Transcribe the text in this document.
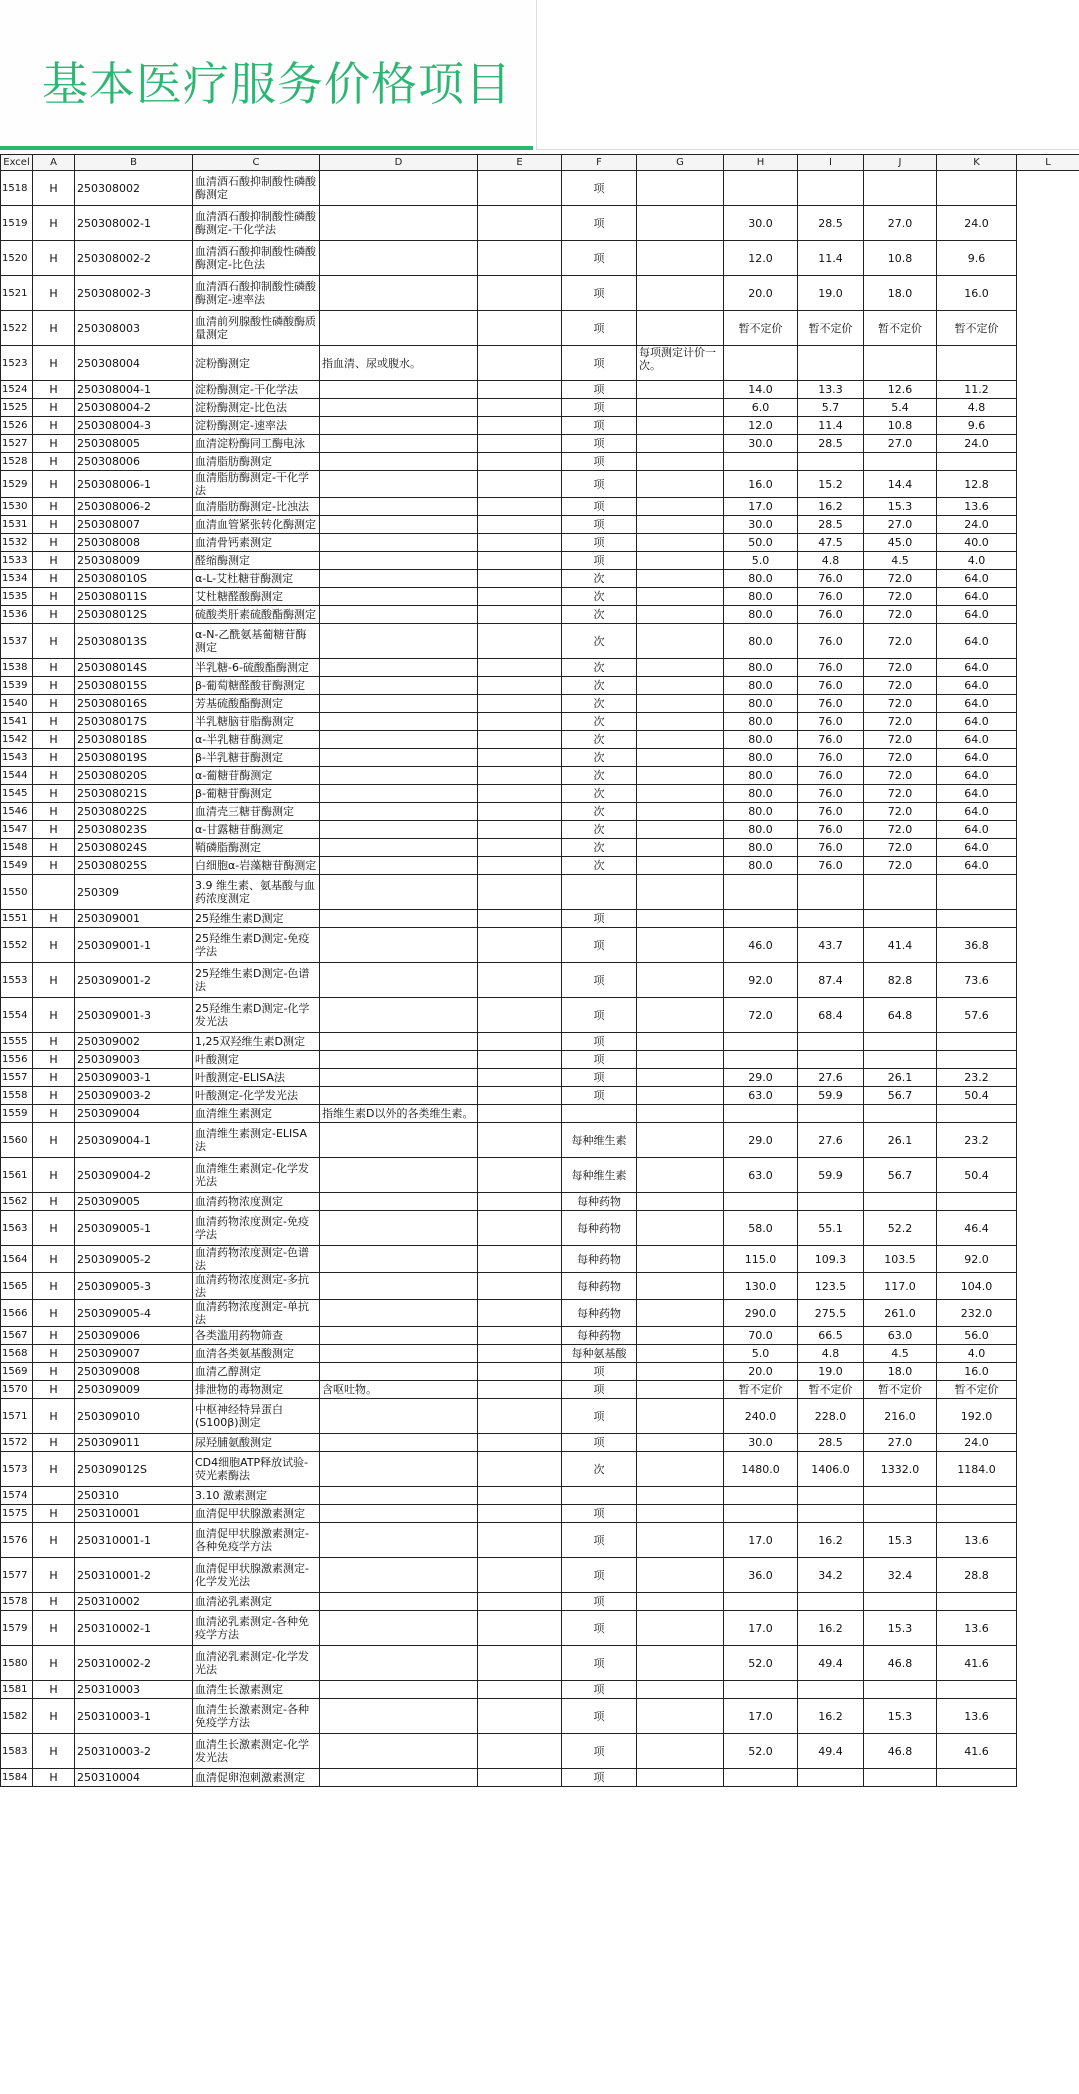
基本医疗服务价格项目
Excel	A	B	C	D	E	F	G	H	I	J	K	L
1518	H	250308002	血清酒石酸抑制酸性磷酸酶测定			项						
1519	H	250308002-1	血清酒石酸抑制酸性磷酸酶测定-干化学法			项		30.0	28.5	27.0	24.0	
1520	H	250308002-2	血清酒石酸抑制酸性磷酸酶测定-比色法			项		12.0	11.4	10.8	9.6	
1521	H	250308002-3	血清酒石酸抑制酸性磷酸酶测定-速率法			项		20.0	19.0	18.0	16.0	
1522	H	250308003	血清前列腺酸性磷酸酶质量测定			项		暂不定价	暂不定价	暂不定价	暂不定价	
1523	H	250308004	淀粉酶测定	指血清、尿或腹水。		项	每项测定计价一次。					
1524	H	250308004-1	淀粉酶测定-干化学法			项		14.0	13.3	12.6	11.2	
1525	H	250308004-2	淀粉酶测定-比色法			项		6.0	5.7	5.4	4.8	
1526	H	250308004-3	淀粉酶测定-速率法			项		12.0	11.4	10.8	9.6	
1527	H	250308005	血清淀粉酶同工酶电泳			项		30.0	28.5	27.0	24.0	
1528	H	250308006	血清脂肪酶测定			项						
1529	H	250308006-1	血清脂肪酶测定-干化学法			项		16.0	15.2	14.4	12.8	
1530	H	250308006-2	血清脂肪酶测定-比浊法			项		17.0	16.2	15.3	13.6	
1531	H	250308007	血清血管紧张转化酶测定			项		30.0	28.5	27.0	24.0	
1532	H	250308008	血清骨钙素测定			项		50.0	47.5	45.0	40.0	
1533	H	250308009	醛缩酶测定			项		5.0	4.8	4.5	4.0	
1534	H	250308010S	α-L-艾杜糖苷酶测定			次		80.0	76.0	72.0	64.0	
1535	H	250308011S	艾杜糖醛酸酶测定			次		80.0	76.0	72.0	64.0	
1536	H	250308012S	硫酸类肝素硫酸酯酶测定			次		80.0	76.0	72.0	64.0	
1537	H	250308013S	α-N-乙酰氨基葡糖苷酶测定			次		80.0	76.0	72.0	64.0	
1538	H	250308014S	半乳糖-6-硫酸酯酶测定			次		80.0	76.0	72.0	64.0	
1539	H	250308015S	β-葡萄糖醛酸苷酶测定			次		80.0	76.0	72.0	64.0	
1540	H	250308016S	芳基硫酸酯酶测定			次		80.0	76.0	72.0	64.0	
1541	H	250308017S	半乳糖脑苷脂酶测定			次		80.0	76.0	72.0	64.0	
1542	H	250308018S	α-半乳糖苷酶测定			次		80.0	76.0	72.0	64.0	
1543	H	250308019S	β-半乳糖苷酶测定			次		80.0	76.0	72.0	64.0	
1544	H	250308020S	α-葡糖苷酶测定			次		80.0	76.0	72.0	64.0	
1545	H	250308021S	β-葡糖苷酶测定			次		80.0	76.0	72.0	64.0	
1546	H	250308022S	血清壳三糖苷酶测定			次		80.0	76.0	72.0	64.0	
1547	H	250308023S	α-甘露糖苷酶测定			次		80.0	76.0	72.0	64.0	
1548	H	250308024S	鞘磷脂酶测定			次		80.0	76.0	72.0	64.0	
1549	H	250308025S	白细胞α-岩藻糖苷酶测定			次		80.0	76.0	72.0	64.0	
1550		250309	3.9 维生素、氨基酸与血药浓度测定									
1551	H	250309001	25羟维生素D测定			项						
1552	H	250309001-1	25羟维生素D测定-免疫学法			项		46.0	43.7	41.4	36.8	
1553	H	250309001-2	25羟维生素D测定-色谱法			项		92.0	87.4	82.8	73.6	
1554	H	250309001-3	25羟维生素D测定-化学发光法			项		72.0	68.4	64.8	57.6	
1555	H	250309002	1,25双羟维生素D测定			项						
1556	H	250309003	叶酸测定			项						
1557	H	250309003-1	叶酸测定-ELISA法			项		29.0	27.6	26.1	23.2	
1558	H	250309003-2	叶酸测定-化学发光法			项		63.0	59.9	56.7	50.4	
1559	H	250309004	血清维生素测定	指维生素D以外的各类维生素。								
1560	H	250309004-1	血清维生素测定-ELISA法			每种维生素		29.0	27.6	26.1	23.2	
1561	H	250309004-2	血清维生素测定-化学发光法			每种维生素		63.0	59.9	56.7	50.4	
1562	H	250309005	血清药物浓度测定			每种药物						
1563	H	250309005-1	血清药物浓度测定-免疫学法			每种药物		58.0	55.1	52.2	46.4	
1564	H	250309005-2	血清药物浓度测定-色谱法			每种药物		115.0	109.3	103.5	92.0	
1565	H	250309005-3	血清药物浓度测定-多抗法			每种药物		130.0	123.5	117.0	104.0	
1566	H	250309005-4	血清药物浓度测定-单抗法			每种药物		290.0	275.5	261.0	232.0	
1567	H	250309006	各类滥用药物筛查			每种药物		70.0	66.5	63.0	56.0	
1568	H	250309007	血清各类氨基酸测定			每种氨基酸		5.0	4.8	4.5	4.0	
1569	H	250309008	血清乙醇测定			项		20.0	19.0	18.0	16.0	
1570	H	250309009	排泄物的毒物测定	含呕吐物。		项		暂不定价	暂不定价	暂不定价	暂不定价	
1571	H	250309010	中枢神经特异蛋白(S100β)测定			项		240.0	228.0	216.0	192.0	
1572	H	250309011	尿羟脯氨酸测定			项		30.0	28.5	27.0	24.0	
1573	H	250309012S	CD4细胞ATP释放试验-荧光素酶法			次		1480.0	1406.0	1332.0	1184.0	
1574		250310	3.10 激素测定									
1575	H	250310001	血清促甲状腺激素测定			项						
1576	H	250310001-1	血清促甲状腺激素测定-各种免疫学方法			项		17.0	16.2	15.3	13.6	
1577	H	250310001-2	血清促甲状腺激素测定-化学发光法			项		36.0	34.2	32.4	28.8	
1578	H	250310002	血清泌乳素测定			项						
1579	H	250310002-1	血清泌乳素测定-各种免疫学方法			项		17.0	16.2	15.3	13.6	
1580	H	250310002-2	血清泌乳素测定-化学发光法			项		52.0	49.4	46.8	41.6	
1581	H	250310003	血清生长激素测定			项						
1582	H	250310003-1	血清生长激素测定-各种免疫学方法			项		17.0	16.2	15.3	13.6	
1583	H	250310003-2	血清生长激素测定-化学发光法			项		52.0	49.4	46.8	41.6	
1584	H	250310004	血清促卵泡刺激素测定			项						
